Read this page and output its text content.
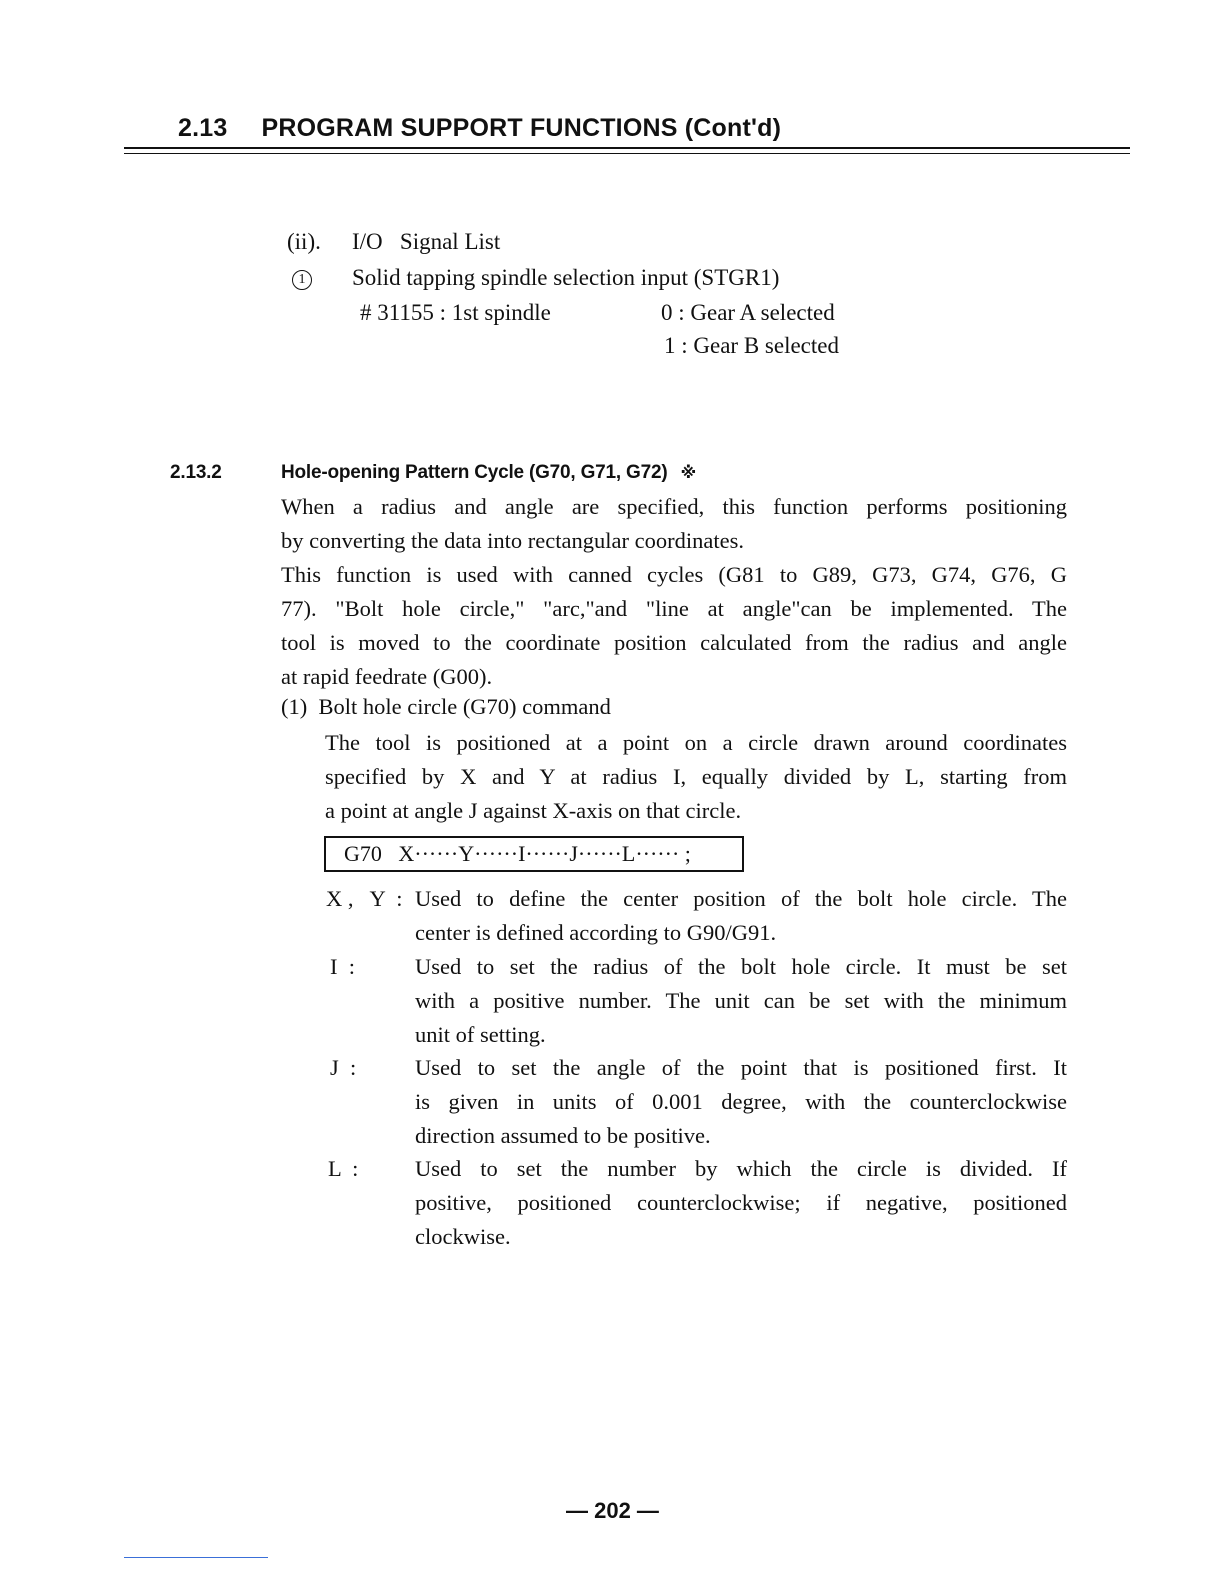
2.13 PROGRAM SUPPORT FUNCTIONS (Cont'd)
(ii). I/O   Signal List
1 Solid tapping spindle selection input (STGR1)
# 31155 : 1st spindle	0 : Gear A selected
1 : Gear B selected
2.13.2	Hole-opening Pattern Cycle (G70, G71, G72) ※
When a radius and angle are specified, this function performs positioning
by converting the data into rectangular coordinates.
This function is used with canned cycles (G81 to G89, G73, G74, G76, G
77). "Bolt hole circle," "arc,"and "line at angle"can be implemented. The
tool is moved to the coordinate position calculated from the radius and angle
at rapid feedrate (G00).
(1)  Bolt hole circle (G70) command
The tool is positioned at a point on a circle drawn around coordinates
specified by X and Y at radius I, equally divided by L, starting from
a point at angle J against X-axis on that circle.
G70   X······Y······I······J······L······ ;
X ,   Y  : Used to define the center position of the bolt hole circle. The
center is defined according to G90/G91.
I  :	Used to set the radius of the bolt hole circle. It must be set
with a positive number. The unit can be set with the minimum
unit of setting.
J  :	Used to set the angle of the point that is positioned first. It
is given in units of 0.001 degree, with the counterclockwise
direction assumed to be positive.
L  :	Used to set the number by which the circle is divided. If
positive, positioned counterclockwise; if negative, positioned
clockwise.
— 202 —
